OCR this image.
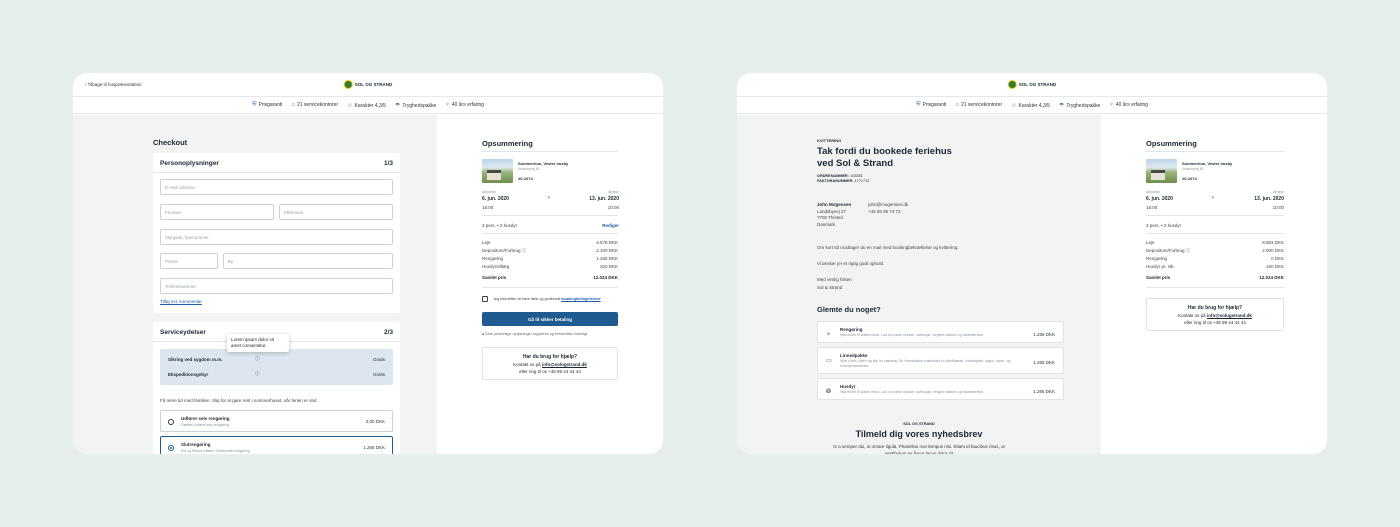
‹ Tilbage til huspræsentation	SOL OG STRAND
⛨ Prisgaranti ⌂ 21 servicekontorer ☆ Karakter 4,3/5 ☂ Tryghedspakke ♆ 40 års erfaring
Checkout
Personoplysninger	1/3
E-mail adresse
Fornavn	Efternavn
Vej/gade, husnummer
Postnr.	By
Telefonnummer
Tilføj evt. kommentar
Serviceydelser	2/3
Sikring ved sygdom m.m.	ⓘ	Gratis
Ekspeditionsgebyr	ⓘ	Gratis
Få mere tid med familien. Slip for at gøre rent i sommerhuset, når ferien er slut.
Udfører selv rengøring
Gæsten udfører selv rengøring
0,00 DKK
Slutrengøring
Sol og Strand udfører Slutafsluttet rengøring
1.265 DKK
Lorem ipsum dolor sit amet consectetur.
Opsummering
Sommerhus, Vester husby
Vollerbyvej 81
20-1074
Ankomst
6. jun. 2020
16:00
›
Afrejse
13. jun. 2020
10:00
3 pers. • 2 husdyr	Rediger
Leje	4.578 DKK
Depositum/Forbrug ⓘ	2.100 DKK
Rengøring	1.265 DKK
Husdyrstillæg	320 DKK
Samlet pris	12.024 DKK
Jeg bekræfter at have læst og godkendt bookingbetingelserne
Gå til sikker betaling
🔒︎ Dine personlige oplysninger krypteres og behandles fortroligt.
Har du brug for hjælp?
Kontakt os på info@sologstrand.dk
eller ring til os +45 99 44 44 44
SOL OG STRAND
⛨ Prisgaranti ⌂ 21 servicekontorer ☆ Karakter 4,3/5 ☂ Tryghedspakke ♆ 40 års erfaring
KVITTERING
Tak fordi du bookede feriehus
ved Sol & Strand
ORDRENUMMER: 103351
FAKTURANUMMER: 1771712
John Mogensen
Landsbyvej 27
7700 Thisted
Danmark
john@mogensen.dk
+45 95 95 74 72
Om kort tid modtager du en mail med bookingbekræftelse og kvittering.
Vi ønsker jer et rigtig godt ophold.
Med venlig hilsen
Sol & Strand
Glemte du noget?
✧
Rengøring
Nyd ferien til sidste minut. Lad os pudse vinduer, støvsuge, rengøre køkken og badeværelse.	1.265 DKK
▭
Linnedpakke
Spar plads i bilen og slip for vasketøj. En linnedpakke indeholder to håndklæder, viskestykke, lagen, dyner- og hovedpudebetræk.
1.265 DKK
❂
Husdyr
Nyd ferien til sidste minut. Lad os pudse vinduer, støvsuge, rengøre køkken og badeværelse.	1.265 DKK
SOL OG STRAND
Tilmeld dig vores nyhedsbrev
In a semper dui, in ornare ligula. Phasellus non tempus nisi. Etiam id faucibus risus, ut
vestibulum ex fusce lacus dolor sit
Opsummering
Sommerhus, Vester husby
Vollerbyvej 81
20-1074
Ankomst
6. jun. 2020
16:00
›
Afrejse
13. jun. 2020
10:00
3 pers. • 2 husdyr
Leje	8.863 DKK
Depositum/Forbrug ⓘ	2.000 DKK
Rengøring	0 DKK
Husdyr pr. stk.	160 DKK
Samlet pris	12.024 DKK
Har du brug for hjælp?
Kontakt os på info@solugstrand.dk
eller ring til os +45 99 44 44 44
